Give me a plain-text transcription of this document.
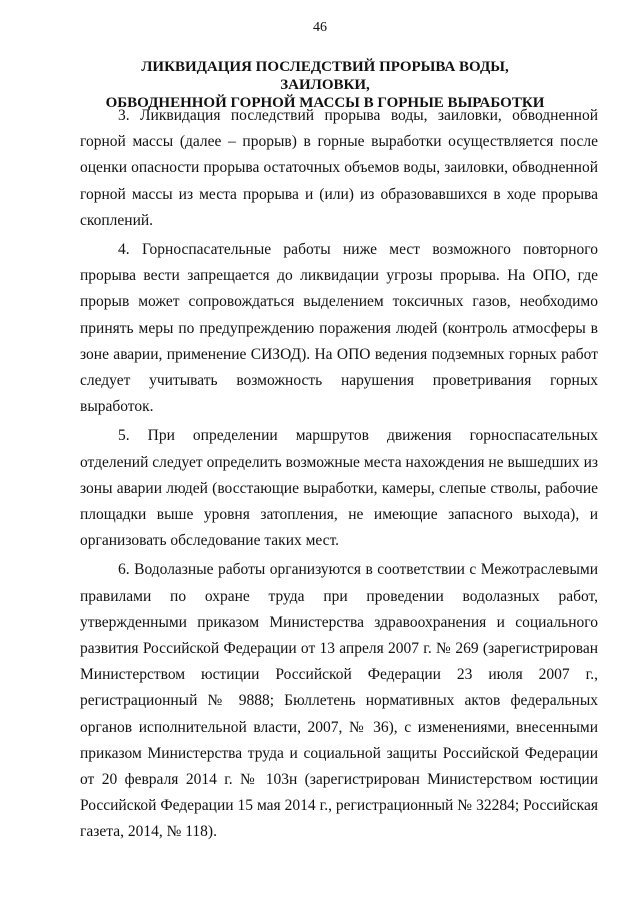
46
ЛИКВИДАЦИЯ ПОСЛЕДСТВИЙ ПРОРЫВА ВОДЫ, ЗАИЛОВКИ,
ОБВОДНЕННОЙ ГОРНОЙ МАССЫ В ГОРНЫЕ ВЫРАБОТКИ

3. Ликвидация последствий прорыва воды, заиловки, обводненной горной массы (далее – прорыв) в горные выработки осуществляется после оценки опасности прорыва остаточных объемов воды, заиловки, обводненной горной массы из места прорыва и (или) из образовавшихся в ходе прорыва скоплений.

4. Горноспасательные работы ниже мест возможного повторного прорыва вести запрещается до ликвидации угрозы прорыва. На ОПО, где прорыв может сопровождаться выделением токсичных газов, необходимо принять меры по предупреждению поражения людей (контроль атмосферы в зоне аварии, применение СИЗОД). На ОПО ведения подземных горных работ следует учитывать возможность нарушения проветривания горных выработок.

5. При определении маршрутов движения горноспасательных отделений следует определить возможные места нахождения не вышедших из зоны аварии людей (восстающие выработки, камеры, слепые стволы, рабочие площадки выше уровня затопления, не имеющие запасного выхода), и организовать обследование таких мест.

6. Водолазные работы организуются в соответствии с Межотраслевыми правилами по охране труда при проведении водолазных работ, утвержденными приказом Министерства здравоохранения и социального развития Российской Федерации от 13 апреля 2007 г. № 269 (зарегистрирован Министерством юстиции Российской Федерации 23 июля 2007 г., регистрационный № 9888; Бюллетень нормативных актов федеральных органов исполнительной власти, 2007, № 36), с изменениями, внесенными приказом Министерства труда и социальной защиты Российской Федерации от 20 февраля 2014 г. № 103н (зарегистрирован Министерством юстиции Российской Федерации 15 мая 2014 г., регистрационный № 32284; Российская газета, 2014, № 118).
